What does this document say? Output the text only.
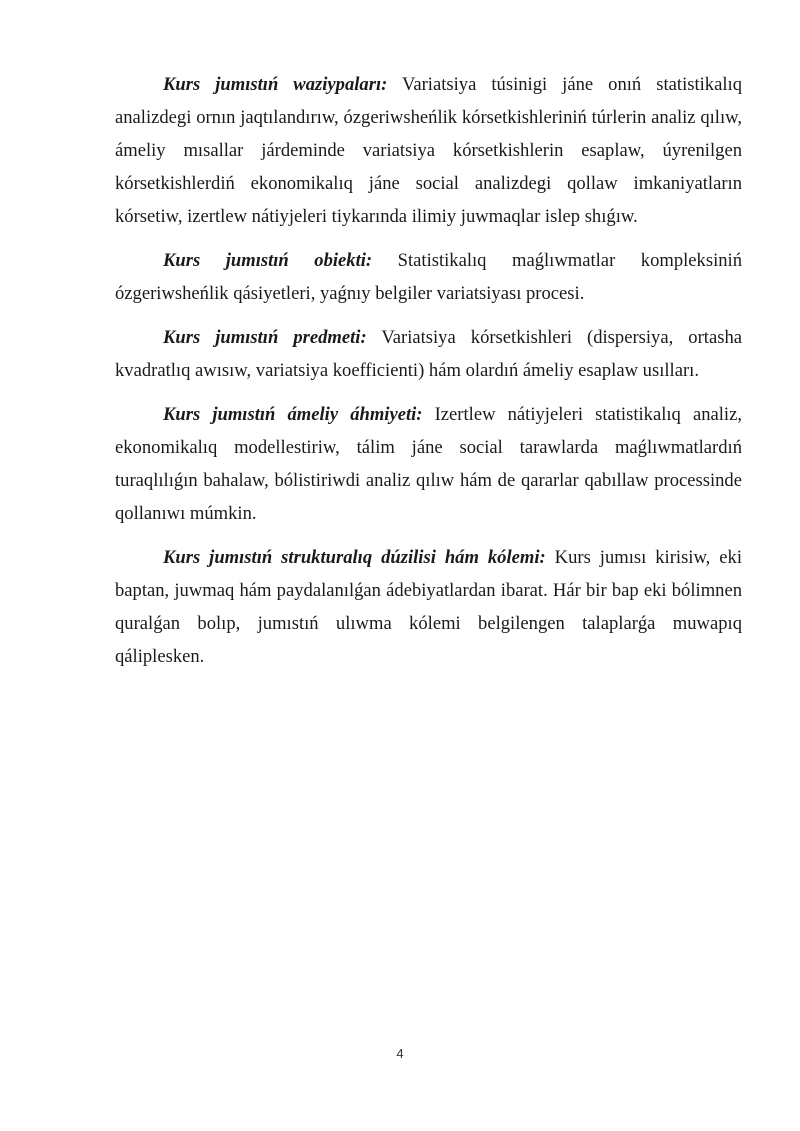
Kurs jumıstıń waziypaları: Variatsiya túsinigi jáne onıń statistikalıq analizdegi ornın jaqtılandırıw, ózgeriwsheńlik kórsetkishleriniń túrlerin analiz qılıw, ámeliy mısallar járdeminde variatsiya kórsetkishlerin esaplaw, úyrenilgen kórsetkishlerdiń ekonomikalıq jáne social analizdegi qollaw imkaniyatların kórsetiw, izertlew nátiyjeleri tiykarında ilimiy juwmaqlar islep shıǵıw.

Kurs jumıstıń obiekti: Statistikalıq maǵlıwmatlar kompleksiniń ózgeriwsheńlik qásiyetleri, yaǵnıy belgiler variatsiyası procesi.

Kurs jumıstıń predmeti: Variatsiya kórsetkishleri (dispersiya, ortasha kvadratlıq awısıw, variatsiya koefficienti) hám olardıń ámeliy esaplaw usılları.

Kurs jumıstıń ámeliy áhmiyeti: Izertlew nátiyjeleri statistikalıq analiz, ekonomikalıq modellestiriw, tálim jáne social tarawlarda maǵlıwmatlardıń turaqlılıǵın bahalaw, bólistiriwdi analiz qılıw hám de qararlar qabıllaw processinde qollanıwı múmkin.

Kurs jumıstıń strukturalıq dúzilisi hám kólemi: Kurs jumısı kirisiw, eki baptan, juwmaq hám paydalanılǵan ádebiyatlardan ibarat. Hár bir bap eki bólimnen quralǵan bolıp, jumıstıń ulıwma kólemi belgilengen talaplarǵa muwapıq qáliplesken.

4
